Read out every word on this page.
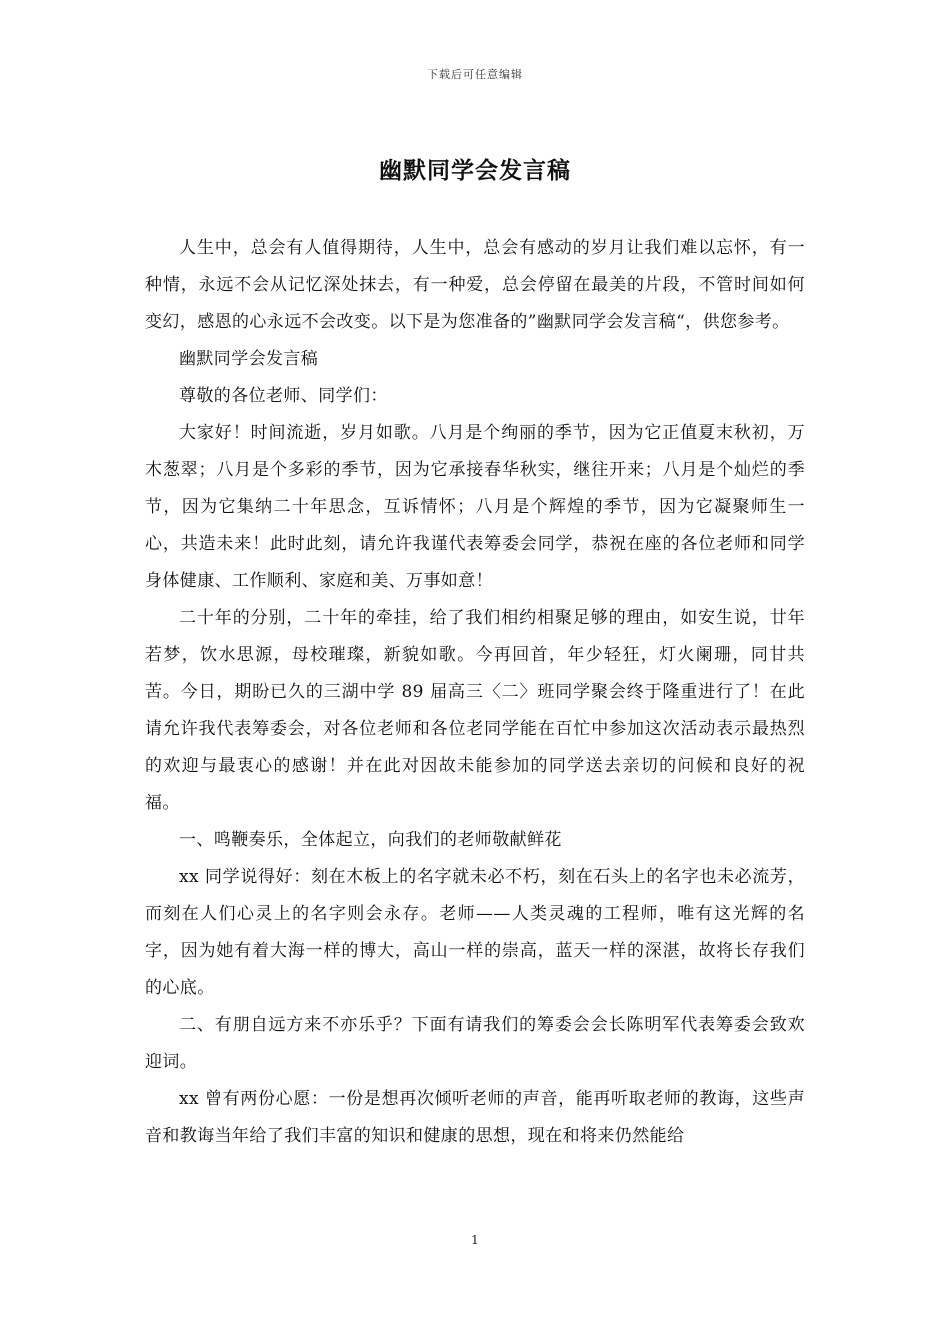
下载后可任意编辑
幽默同学会发言稿

人生中，总会有人值得期待，人生中，总会有感动的岁月让我们难以忘怀，有一种情，永远不会从记忆深处抹去，有一种爱，总会停留在最美的片段，不管时间如何变幻，感恩的心永远不会改变。以下是为您准备的”幽默同学会发言稿“，供您参考。

幽默同学会发言稿

尊敬的各位老师、同学们：

大家好！时间流逝，岁月如歌。八月是个绚丽的季节，因为它正值夏末秋初，万木葱翠；八月是个多彩的季节，因为它承接春华秋实，继往开来；八月是个灿烂的季节，因为它集纳二十年思念，互诉情怀；八月是个辉煌的季节，因为它凝聚师生一心，共造未来！此时此刻，请允许我谨代表筹委会同学，恭祝在座的各位老师和同学身体健康、工作顺利、家庭和美、万事如意！

二十年的分别，二十年的牵挂，给了我们相约相聚足够的理由，如安生说，廿年若梦，饮水思源，母校璀璨，新貌如歌。今再回首，年少轻狂，灯火阑珊，同甘共苦。今日，期盼已久的三湖中学 89 届高三〈二〉班同学聚会终于隆重进行了！在此请允许我代表筹委会，对各位老师和各位老同学能在百忙中参加这次活动表示最热烈的欢迎与最衷心的感谢！并在此对因故未能参加的同学送去亲切的问候和良好的祝福。

一、鸣鞭奏乐，全体起立，向我们的老师敬献鲜花

xx 同学说得好：刻在木板上的名字就未必不朽，刻在石头上的名字也未必流芳，而刻在人们心灵上的名字则会永存。老师——人类灵魂的工程师，唯有这光辉的名字，因为她有着大海一样的博大，高山一样的崇高，蓝天一样的深湛，故将长存我们的心底。

二、有朋自远方来不亦乐乎？下面有请我们的筹委会会长陈明军代表筹委会致欢迎词。

xx 曾有两份心愿：一份是想再次倾听老师的声音，能再听取老师的教诲，这些声音和教诲当年给了我们丰富的知识和健康的思想，现在和将来仍然能给

1
